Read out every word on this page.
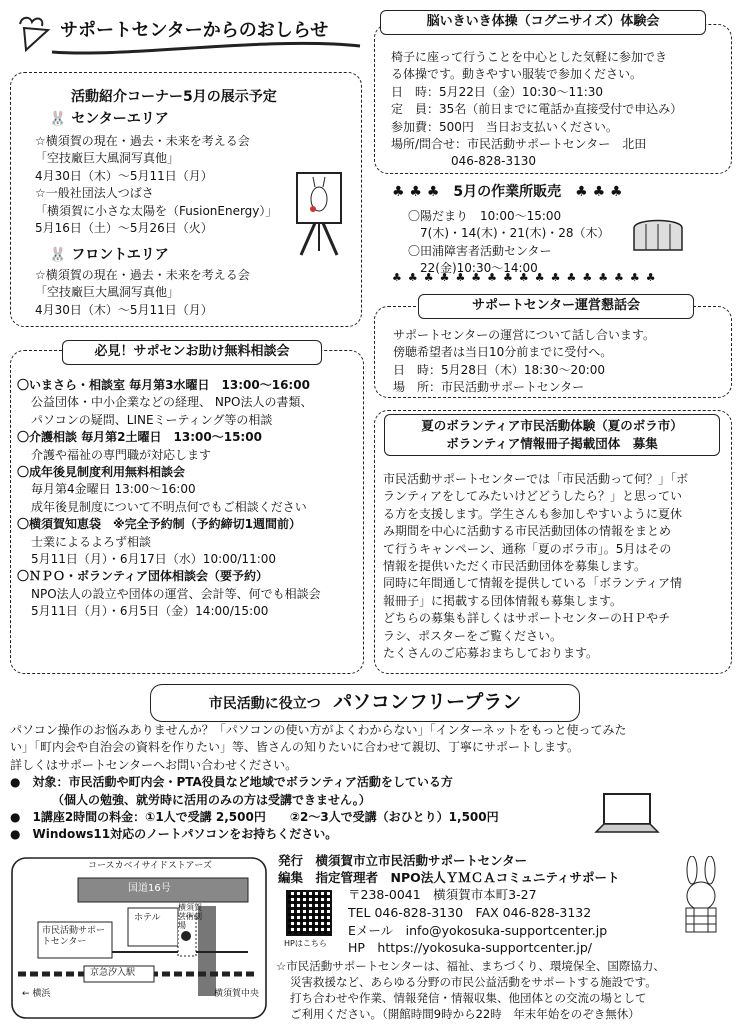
サポートセンターからのおしらせ
活動紹介コーナー5月の展示予定
🐰 センターエリア
☆横須賀の現在・過去・未来を考える会
「空技廠巨大風洞写真他」
4月30日（木）～5月11日（月）
☆一般社団法人つばさ
「横須賀に小さな太陽を（FusionEnergy）」
5月16日（土）～5月26日（火）
🐰 フロントエリア
☆横須賀の現在・過去・未来を考える会
「空技廠巨大風洞写真他」
4月30日（木）～5月11日（月）
椅子に座って行うことを中心とした気軽に参加でき
る体操です。動きやすい服装で参加ください。
日　時：5月22日（金）10:30～11:30
定　員：35名（前日までに電話か直接受付で申込み）
参加費：500円　当日お支払いください。
場所/問合せ：市民活動サポートセンター　北田
046-828-3130
脳いきいき体操（コグニサイズ）体験会
♣ ♣ ♣　 5月の作業所販売　 ♣ ♣ ♣
〇陽だまり　10:00～15:00
7(木)・14(木)・21(木)・28（木）
〇田浦障害者活動センター
22(金)10:30～14:00
♣♣♣♣♣♣♣♣♣♣♣♣♣♣♣♣♣
サポートセンターの運営について話し合います。
傍聴希望者は当日10分前までに受付へ。
日　時：5月28日（木）18:30～20:00
場　所：市民活動サポートセンター
サポートセンター運営懇話会
〇いまさら・相談室 毎月第3水曜日　13:00～16:00
公益団体・中小企業などの経理、 NPO法人の書類、
パソコンの疑問、LINEミーティング等の相談
〇介護相談 毎月第2土曜日　13:00～15:00
介護や福祉の専門職が対応します
〇成年後見制度利用無料相談会
毎月第4金曜日 13:00～16:00
成年後見制度について不明点何でもご相談ください
〇横須賀知恵袋　※完全予約制（予約締切1週間前）
士業によるよろず相談
5月11日（月）・6月17日（水）10:00/11:00
〇ＮＰＯ・ボランティア団体相談会（要予約）
NPO法人の設立や団体の運営、会計等、何でも相談会
5月11日（月）・6月5日（金）14:00/15:00
必見！サポセンお助け無料相談会
市民活動サポートセンターでは「市民活動って何？」「ボ
ランティアをしてみたいけどどうしたら？」と思ってい
る方を支援します。学生さんも参加しやすいように夏休
み期間を中心に活動する市民活動団体の情報をまとめ
て行うキャンペーン、通称「夏のボラ市」。5月はその
情報を提供いただく市民活動団体を募集します。
同時に年間通して情報を提供している「ボランティア情
報冊子」に掲載する団体情報も募集します。
どちらの募集も詳しくはサポートセンターのＨＰやチ
ラシ、ポスターをご覧ください。
たくさんのご応募おまちしております。
夏のボランティア市民活動体験（夏のボラ市）
ボランティア情報冊子掲載団体　募集
市民活動に役立つ パソコンフリープラン
パソコン操作のお悩みありませんか？「パソコンの使い方がよくわからない」「インターネットをもっと使ってみた
い」「町内会や自治会の資料を作りたい」等、皆さんの知りたいに合わせて親切、丁寧にサポートします。
詳しくはサポートセンターへお問い合わせください。
●　対象：市民活動や町内会・PTA役員など地域でボランティア活動をしている方
　　　　（個人の勉強、就労時に活用のみの方は受講できません。）
●　1講座2時間の料金：①1人で受講 2,500円　　②2～3人で受講（おひとり）1,500円
●　Windows11対応のノートパソコンをお持ちください。
コースカベイサイドストアーズ
国道16号
ホテル
横須賀芸術劇場
市民活動サポートセンター
京急汐入駅
← 横浜	横須賀中央
発行　横須賀市立市民活動サポートセンター
編集　指定管理者　NPO法人ＹＭＣＡコミュニティサポート
HPはこちら
〒238-0041　横須賀市本町3-27
TEL 046-828-3130　FAX 046-828-3132
Eメール　info@yokosuka-supportcenter.jp
HP　https://yokosuka-supportcenter.jp/
☆市民活動サポートセンターは、福祉、まちづくり、環境保全、国際協力、
災害救援など、あらゆる分野の市民公益活動をサポートする施設です。
打ち合わせや作業、情報発信・情報収集、他団体との交流の場として
ご利用ください。（開館時間9時から22時　年末年始をのぞき無休）
